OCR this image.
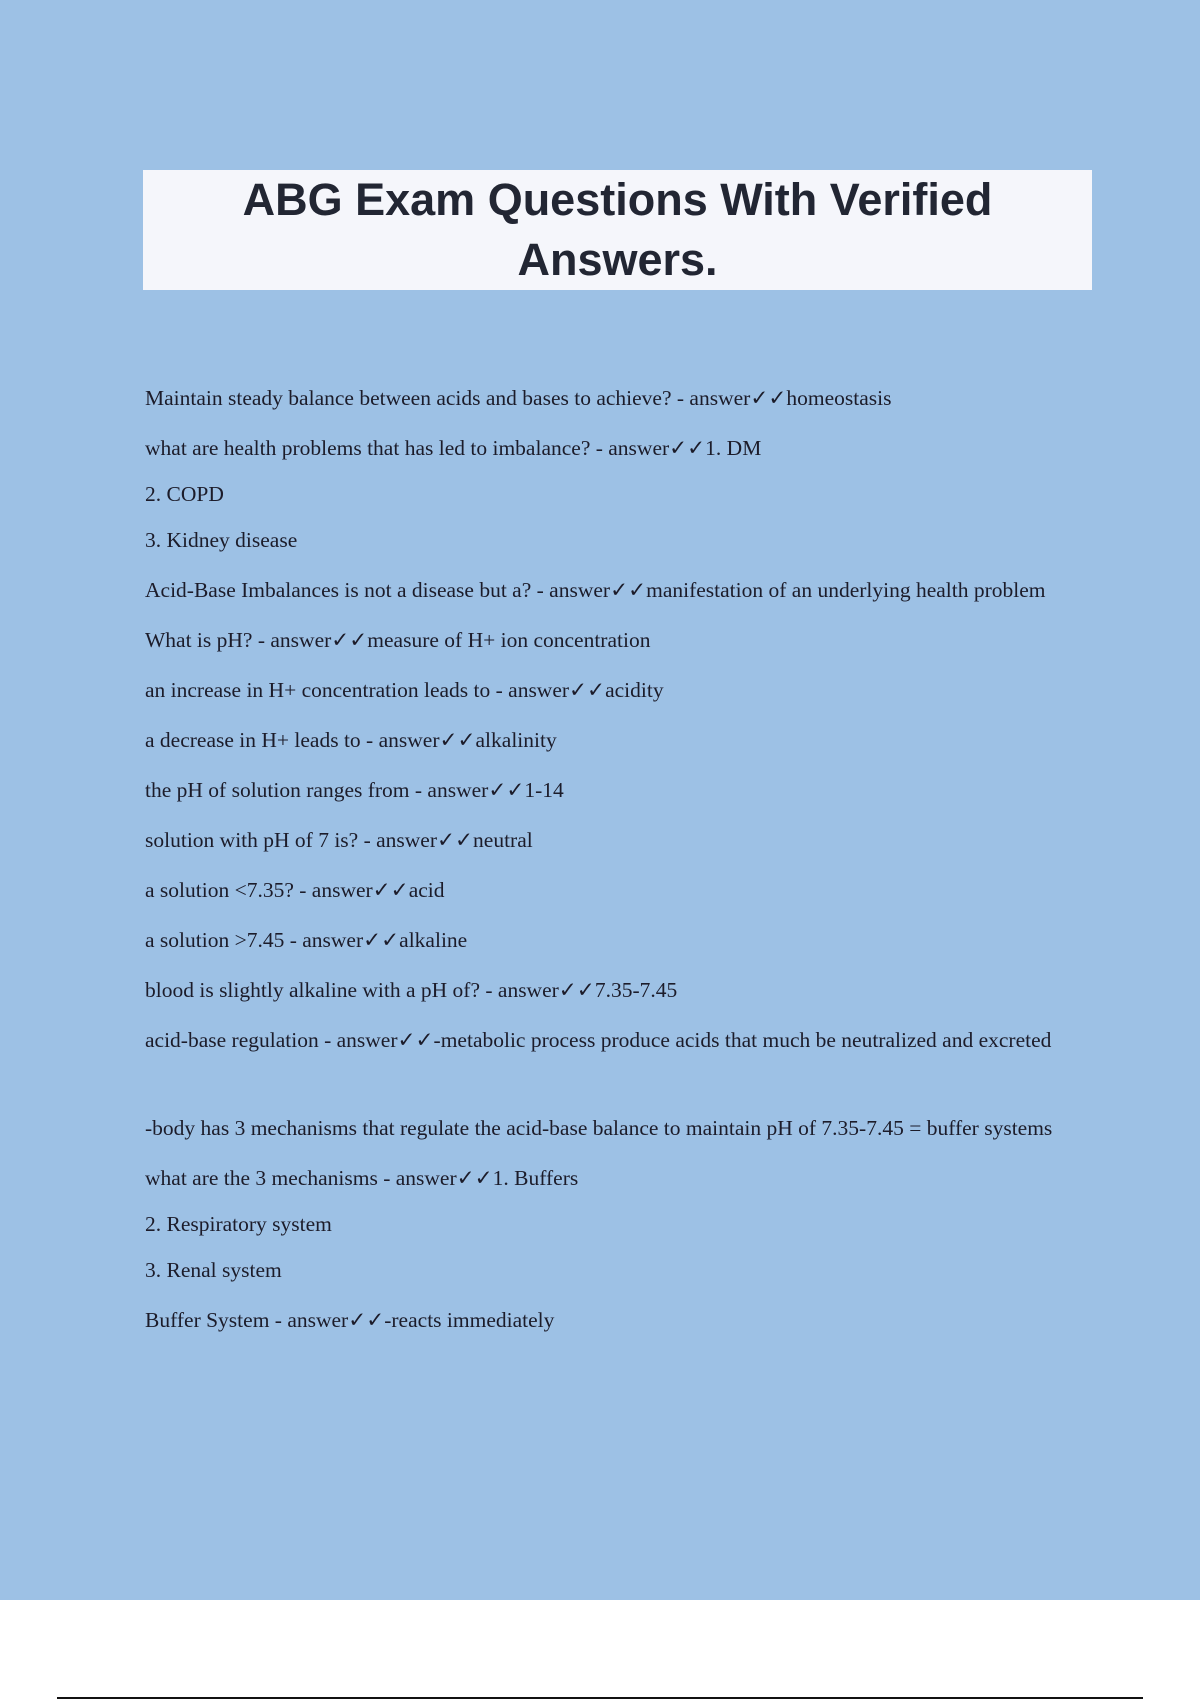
ABG Exam Questions With Verified Answers.

Maintain steady balance between acids and bases to achieve? - answer✓✓homeostasis

what are health problems that has led to imbalance? - answer✓✓1. DM

2. COPD

3. Kidney disease

Acid-Base Imbalances is not a disease but a? - answer✓✓manifestation of an underlying health problem

What is pH? - answer✓✓measure of H+ ion concentration

an increase in H+ concentration leads to - answer✓✓acidity

a decrease in H+ leads to - answer✓✓alkalinity

the pH of solution ranges from - answer✓✓1-14

solution with pH of 7 is? - answer✓✓neutral

a solution <7.35? - answer✓✓acid

a solution >7.45 - answer✓✓alkaline

blood is slightly alkaline with a pH of? - answer✓✓7.35-7.45

acid-base regulation - answer✓✓-metabolic process produce acids that much be neutralized and excreted

-body has 3 mechanisms that regulate the acid-base balance to maintain pH of 7.35-7.45 = buffer systems

what are the 3 mechanisms - answer✓✓1. Buffers

2. Respiratory system

3. Renal system

Buffer System - answer✓✓-reacts immediately
